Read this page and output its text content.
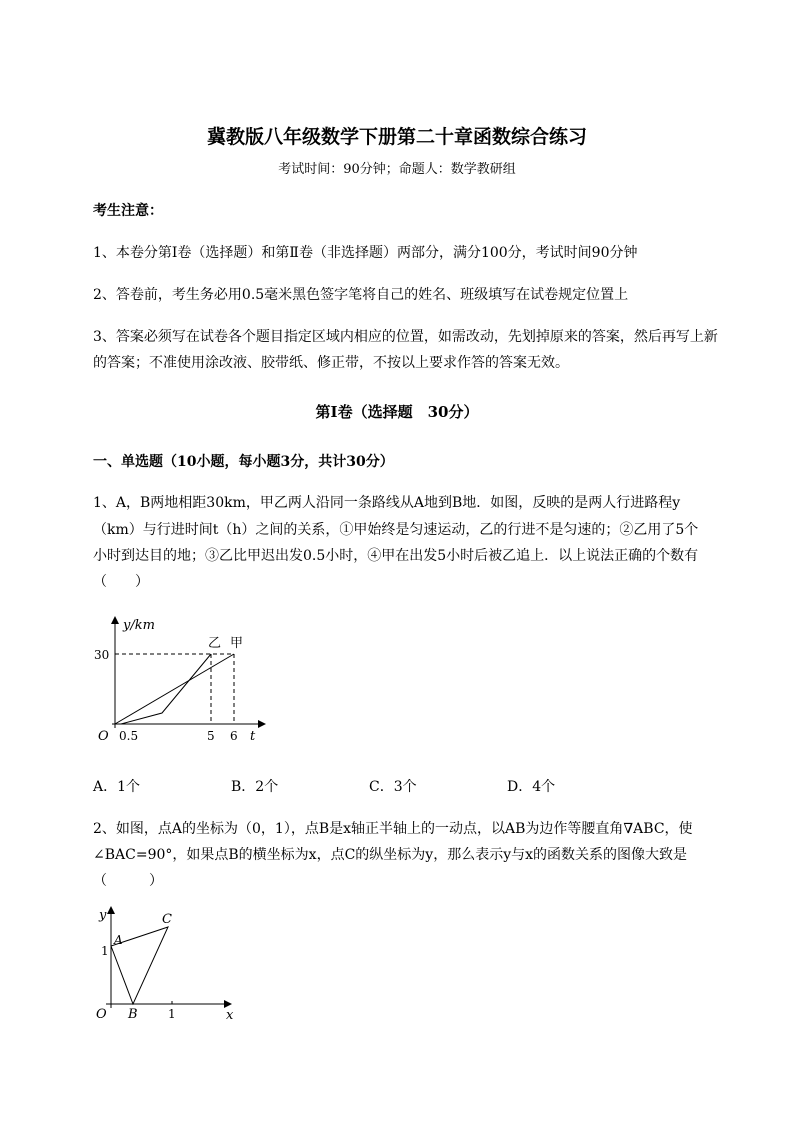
冀教版八年级数学下册第二十章函数综合练习
考试时间：90分钟；命题人：数学教研组
考生注意：
1、本卷分第Ⅰ卷（选择题）和第Ⅱ卷（非选择题）两部分，满分100分，考试时间90分钟
2、答卷前，考生务必用0.5毫米黑色签字笔将自己的姓名、班级填写在试卷规定位置上
3、答案必须写在试卷各个题目指定区域内相应的位置，如需改动，先划掉原来的答案，然后再写上新
的答案；不准使用涂改液、胶带纸、修正带，不按以上要求作答的答案无效。
第Ⅰ卷（选择题　30分）
一、单选题（10小题，每小题3分，共计30分）
1、A，B两地相距30km，甲乙两人沿同一条路线从A地到B地．如图，反映的是两人行进路程y
（km）与行进时间t（h）之间的关系，①甲始终是匀速运动，乙的行进不是匀速的；②乙用了5个
小时到达目的地；③乙比甲迟出发0.5小时，④甲在出发5小时后被乙追上．以上说法正确的个数有
（　　）
y/km
30
O 0.5	5 6 t
乙 甲
A．1个	B．2个	C．3个	D．4个
2、如图，点A的坐标为（0，1），点B是x轴正半轴上的一动点，以AB为边作等腰直角∇ABC，使
∠BAC=90°，如果点B的横坐标为x，点C的纵坐标为y，那么表示y与x的函数关系的图像大致是
（　　　）
y
A
C
1
O B	1	x
